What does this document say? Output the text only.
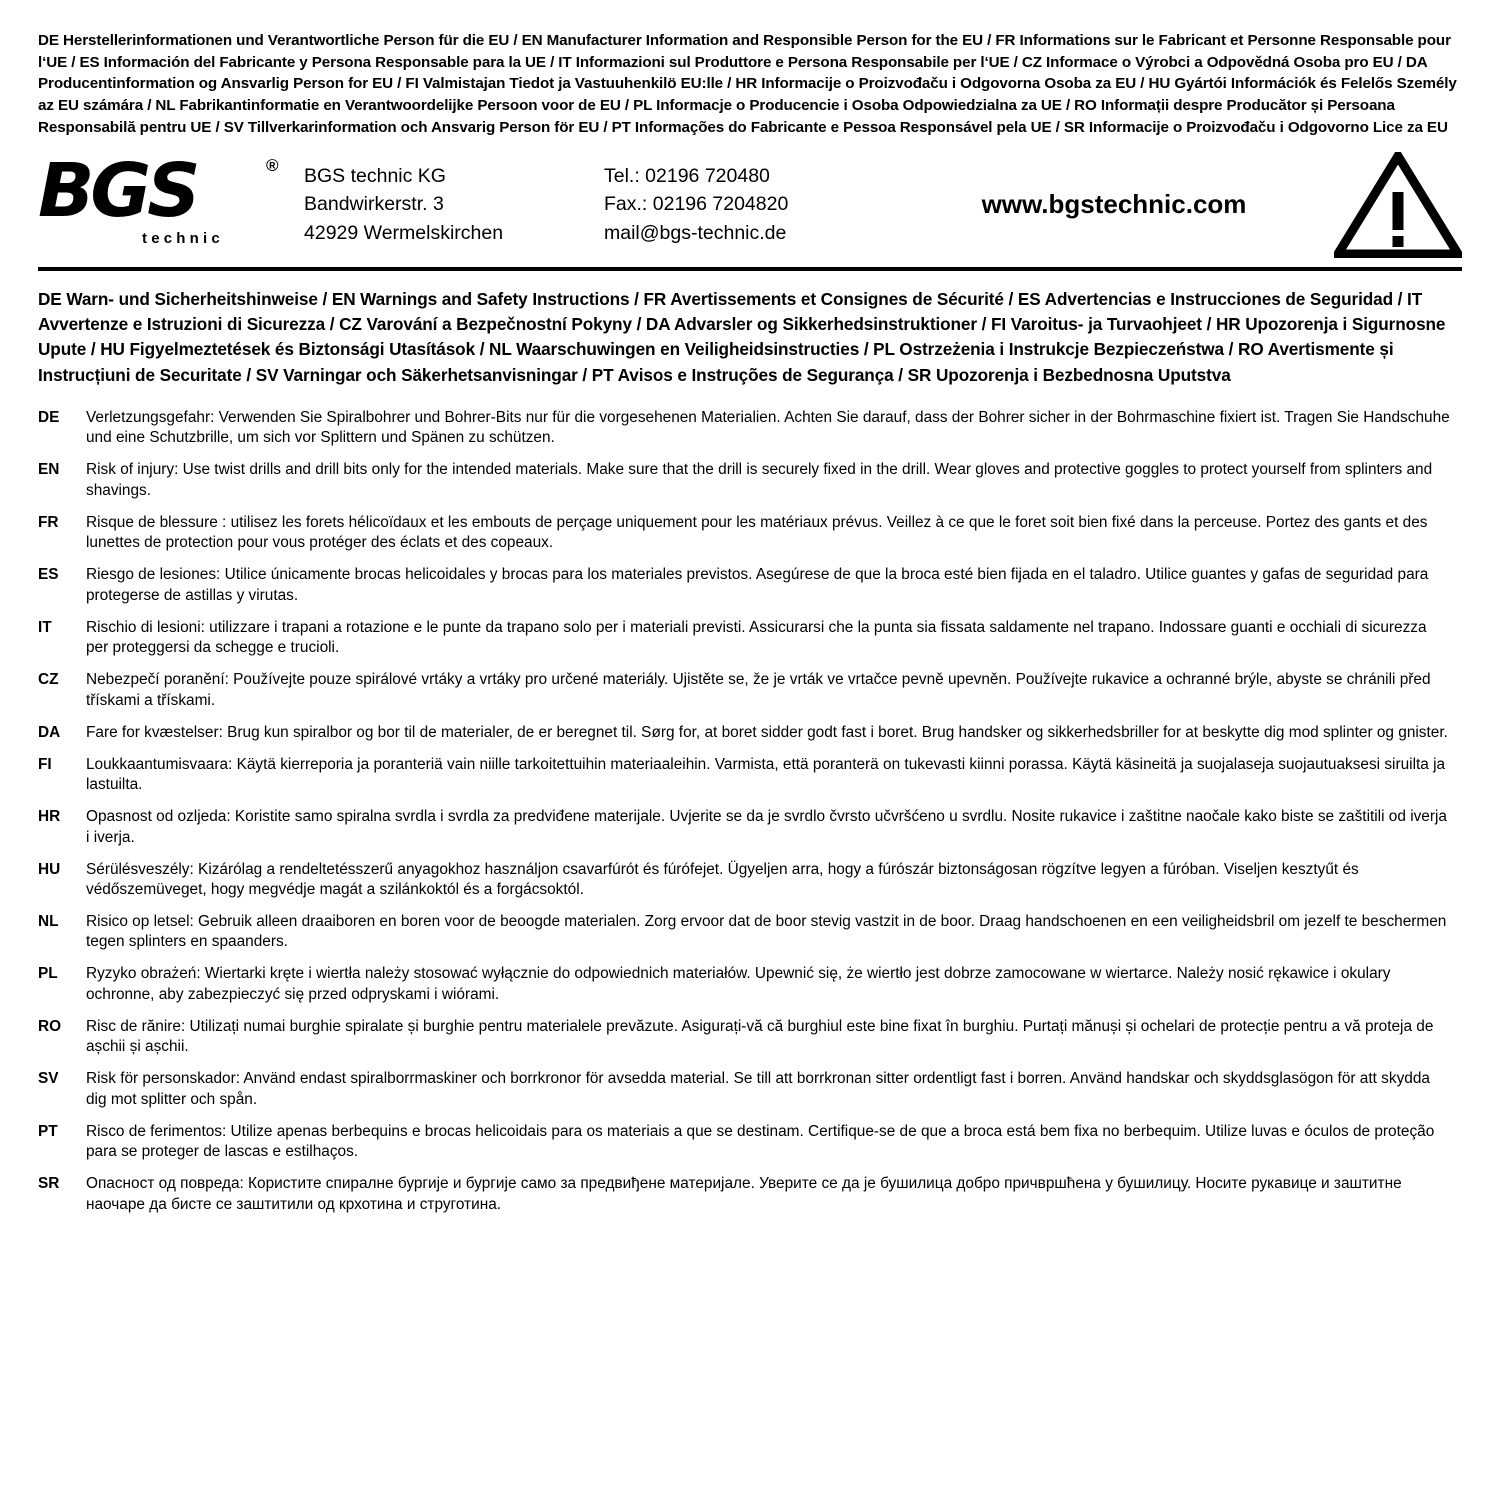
DE Herstellerinformationen und Verantwortliche Person für die EU / EN Manufacturer Information and Responsible Person for the EU / FR Informations sur le Fabricant et Personne Responsable pour l‘UE / ES Información del Fabricante y Persona Responsable para la UE / IT Informazioni sul Produttore e Persona Responsabile per l‘UE / CZ Informace o Výrobci a Odpovědná Osoba pro EU / DA Producentinformation og Ansvarlig Person for EU / FI Valmistajan Tiedot ja Vastuuhenkilö EU:lle / HR Informacije o Proizvođaču i Odgovorna Osoba za EU / HU Gyártói Információk és Felelős Személy az EU számára / NL Fabrikantinformatie en Verantwoordelijke Persoon voor de EU / PL Informacje o Producencie i Osoba Odpowiedzialna za UE / RO Informații despre Producător și Persoana Responsabilă pentru UE / SV Tillverkarinformation och Ansvarig Person för EU / PT Informações do Fabricante e Pessoa Responsável pela UE / SR Informacije o Proizvođaču i Odgovorno Lice za EU
BGS	®
technic
BGS technic KG
Bandwirkerstr. 3
42929 Wermelskirchen
Tel.: 02196 720480
Fax.: 02196 7204820
mail@bgs-technic.de
www.bgstechnic.com
DE Warn- und Sicherheitshinweise / EN Warnings and Safety Instructions / FR Avertissements et Consignes de Sécurité / ES Advertencias e Instrucciones de Seguridad / IT Avvertenze e Istruzioni di Sicurezza / CZ Varování a Bezpečnostní Pokyny / DA Advarsler og Sikkerhedsinstruktioner / FI Varoitus- ja Turvaohjeet / HR Upozorenja i Sigurnosne Upute / HU Figyelmeztetések és Biztonsági Utasítások / NL Waarschuwingen en Veiligheidsinstructies / PL Ostrzeżenia i Instrukcje Bezpieczeństwa / RO Avertismente și Instrucțiuni de Securitate / SV Varningar och Säkerhetsanvisningar / PT Avisos e Instruções de Segurança / SR Upozorenja i Bezbednosna Uputstva
DE	Verletzungsgefahr: Verwenden Sie Spiralbohrer und Bohrer-Bits nur für die vorgesehenen Materialien. Achten Sie darauf, dass der Bohrer sicher in der Bohrmaschine fixiert ist. Tragen Sie Handschuhe und eine Schutzbrille, um sich vor Splittern und Spänen zu schützen.
EN	Risk of injury: Use twist drills and drill bits only for the intended materials. Make sure that the drill is securely fixed in the drill. Wear gloves and protective goggles to protect yourself from splinters and shavings.
FR	Risque de blessure : utilisez les forets hélicoïdaux et les embouts de perçage uniquement pour les matériaux prévus. Veillez à ce que le foret soit bien fixé dans la perceuse. Portez des gants et des lunettes de protection pour vous protéger des éclats et des copeaux.
ES	Riesgo de lesiones: Utilice únicamente brocas helicoidales y brocas para los materiales previstos. Asegúrese de que la broca esté bien fijada en el taladro. Utilice guantes y gafas de seguridad para protegerse de astillas y virutas.
IT	Rischio di lesioni: utilizzare i trapani a rotazione e le punte da trapano solo per i materiali previsti. Assicurarsi che la punta sia fissata saldamente nel trapano. Indossare guanti e occhiali di sicurezza per proteggersi da schegge e trucioli.
CZ	Nebezpečí poranění: Používejte pouze spirálové vrtáky a vrtáky pro určené materiály. Ujistěte se, že je vrták ve vrtačce pevně upevněn. Používejte rukavice a ochranné brýle, abyste se chránili před třískami a třískami.
DA	Fare for kvæstelser: Brug kun spiralbor og bor til de materialer, de er beregnet til. Sørg for, at boret sidder godt fast i boret. Brug handsker og sikkerhedsbriller for at beskytte dig mod splinter og gnister.
FI	Loukkaantumisvaara: Käytä kierreporia ja poranteriä vain niille tarkoitettuihin materiaaleihin. Varmista, että poranterä on tukevasti kiinni porassa. Käytä käsineitä ja suojalaseja suojautuaksesi siruilta ja lastuilta.
HR	Opasnost od ozljeda: Koristite samo spiralna svrdla i svrdla za predviđene materijale. Uvjerite se da je svrdlo čvrsto učvršćeno u svrdlu. Nosite rukavice i zaštitne naočale kako biste se zaštitili od iverja i iverja.
HU	Sérülésveszély: Kizárólag a rendeltetésszerű anyagokhoz használjon csavarfúrót és fúrófejet. Ügyeljen arra, hogy a fúrószár biztonságosan rögzítve legyen a fúróban. Viseljen kesztyűt és védőszemüveget, hogy megvédje magát a szilánkoktól és a forgácsoktól.
NL	Risico op letsel: Gebruik alleen draaiboren en boren voor de beoogde materialen. Zorg ervoor dat de boor stevig vastzit in de boor. Draag handschoenen en een veiligheidsbril om jezelf te beschermen tegen splinters en spaanders.
PL	Ryzyko obrażeń: Wiertarki kręte i wiertła należy stosować wyłącznie do odpowiednich materiałów. Upewnić się, że wiertło jest dobrze zamocowane w wiertarce. Należy nosić rękawice i okulary ochronne, aby zabezpieczyć się przed odpryskami i wiórami.
RO	Risc de rănire: Utilizați numai burghie spiralate și burghie pentru materialele prevăzute. Asigurați-vă că burghiul este bine fixat în burghiu. Purtați mănuși și ochelari de protecție pentru a vă proteja de așchii și așchii.
SV	Risk för personskador: Använd endast spiralborrmaskiner och borrkronor för avsedda material. Se till att borrkronan sitter ordentligt fast i borren. Använd handskar och skyddsglasögon för att skydda dig mot splitter och spån.
PT	Risco de ferimentos: Utilize apenas berbequins e brocas helicoidais para os materiais a que se destinam. Certifique-se de que a broca está bem fixa no berbequim. Utilize luvas e óculos de proteção para se proteger de lascas e estilhaços.
SR	Опасност од повреда: Користите спиралне бургије и бургије само за предвиђене материјале. Уверите се да је бушилица добро причвршћена у бушилицу. Носите рукавице и заштитне наочаре да бисте се заштитили од крхотина и струготина.
